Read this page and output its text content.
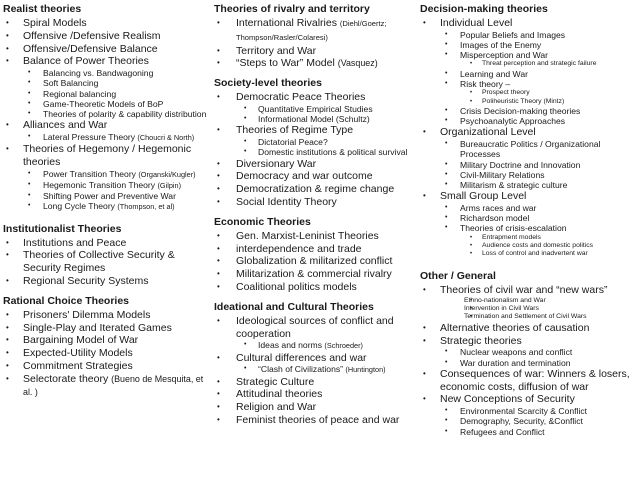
Realist theories
• Spiral Models
• Offensive /Defensive Realism
• Offensive/Defensive Balance
• Balance of Power Theories
• Balancing vs. Bandwagoning
• Soft Balancing
• Regional balancing
• Game-Theoretic Models of BoP
• Theories of polarity & capability distribution
• Alliances and War
• Lateral Pressure Theory (Choucri & North)
• Theories of Hegemony / Hegemonic theories
• Power Transition Theory (Organski/Kugler)
• Hegemonic Transition Theory (Gilpin)
• Shifting Power and Preventive War
• Long Cycle Theory (Thompson, et al)
Institutionalist Theories
• Institutions and Peace
• Theories of Collective Security & Security Regimes
• Regional Security Systems
Rational Choice Theories
• Prisoners' Dilemma Models
• Single-Play and Iterated Games
• Bargaining Model of War
• Expected-Utility Models
• Commitment Strategies
• Selectorate theory (Bueno de Mesquita, et al. )
Theories of rivalry and territory
• International Rivalries (Diehl/Goertz; Thompson/Rasler/Colaresi)
• Territory and War
• “Steps to War” Model (Vasquez)
Society-level theories
• Democratic Peace Theories
• Quantitative Empirical Studies
• Informational Model (Schultz)
• Theories of Regime Type
• Dictatorial Peace?
• Domestic institutions & political survival
• Diversionary War
• Democracy and war outcome
• Democratization & regime change
• Social Identity Theory
Economic Theories
• Gen. Marxist-Leninist Theories
• interdependence and trade
• Globalization & militarized conflict
• Militarization & commercial rivalry
• Coalitional politics models
Ideational and Cultural Theories
• Ideological sources of conflict and cooperation
• Ideas and norms (Schroeder)
• Cultural differences and war
• “Clash of Civilizations” (Huntington)
• Strategic Culture
• Attitudinal theories
• Religion and War
• Feminist theories of peace and war
Decision-making theories
• Individual Level
• Popular Beliefs and Images
• Images of the Enemy
• Misperception and War
• Threat perception and strategic failure
• Learning and War
• Risk theory –
• Prospect theory
• Poliheuristic Theory (Mintz)
• Crisis Decision-making theories
• Psychoanalytic Approaches
• Organizational Level
• Bureaucratic Politics / Organizational Processes
• Military Doctrine and Innovation
• Civil-Military Relations
• Militarism & strategic culture
• Small Group Level
• Arms races and war
• Richardson model
• Theories of crisis-escalation
• Entrapment models
• Audience costs and domestic politics
• Loss of control and inadvertent war
Other / General
• Theories of civil war and “new wars”
• Ethno-nationalism and War
• Intervention in Civil Wars
• Termination and Settlement of Civil Wars
• Alternative theories of causation
• Strategic theories
• Nuclear weapons and conflict
• War duration and termination
• Consequences of war: Winners & losers, economic costs, diffusion of war
• New Conceptions of Security
• Environmental Scarcity & Conflict
• Demography, Security, &Conflict
• Refugees and Conflict
